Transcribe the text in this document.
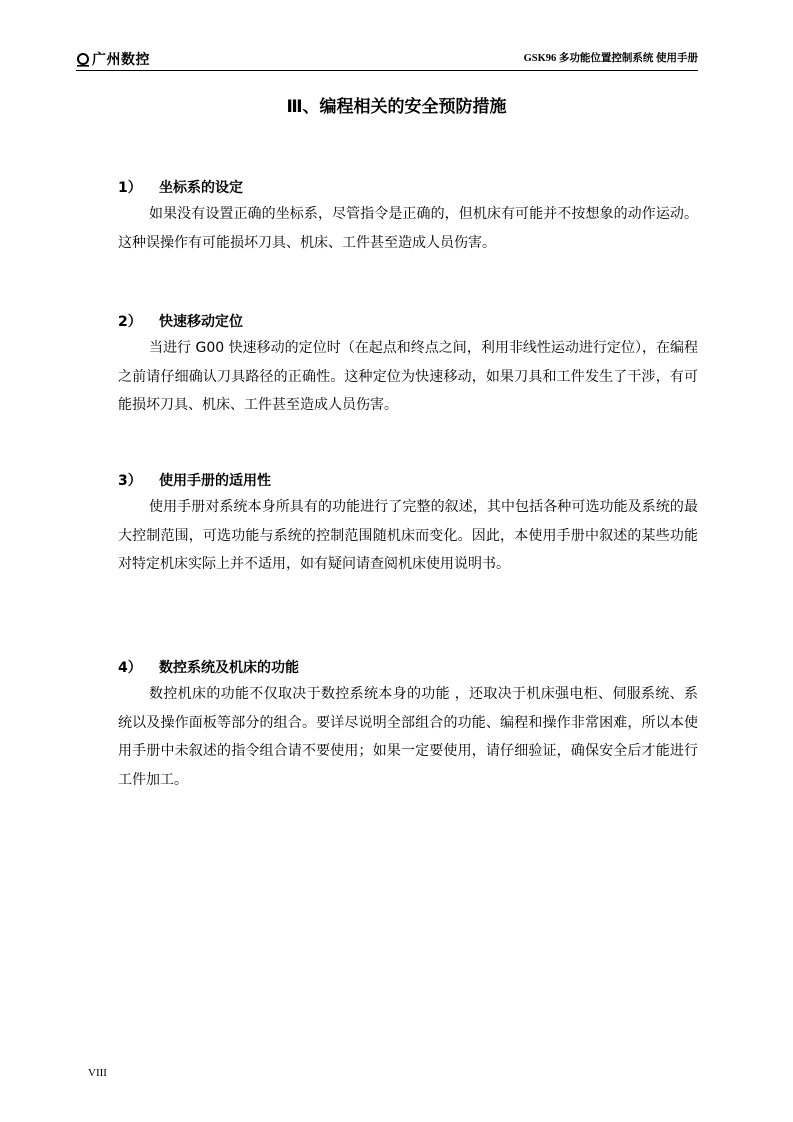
广州数控	GSK96 多功能位置控制系统 使用手册
Ⅲ、编程相关的安全预防措施
1） 坐标系的设定

如果没有设置正确的坐标系，尽管指令是正确的，但机床有可能并不按想象的动作运动。这种误操作有可能损坏刀具、机床、工件甚至造成人员伤害。

2） 快速移动定位

当进行 G00 快速移动的定位时（在起点和终点之间，利用非线性运动进行定位），在编程之前请仔细确认刀具路径的正确性。这种定位为快速移动，如果刀具和工件发生了干涉，有可能损坏刀具、机床、工件甚至造成人员伤害。

3） 使用手册的适用性

使用手册对系统本身所具有的功能进行了完整的叙述，其中包括各种可选功能及系统的最大控制范围，可选功能与系统的控制范围随机床而变化。因此，本使用手册中叙述的某些功能对特定机床实际上并不适用，如有疑问请查阅机床使用说明书。

4） 数控系统及机床的功能

数控机床的功能不仅取决于数控系统本身的功能 ，还取决于机床强电柜、伺服系统、系统以及操作面板等部分的组合。要详尽说明全部组合的功能、编程和操作非常困难，所以本使用手册中未叙述的指令组合请不要使用；如果一定要使用，请仔细验证，确保安全后才能进行工件加工。

VIII
